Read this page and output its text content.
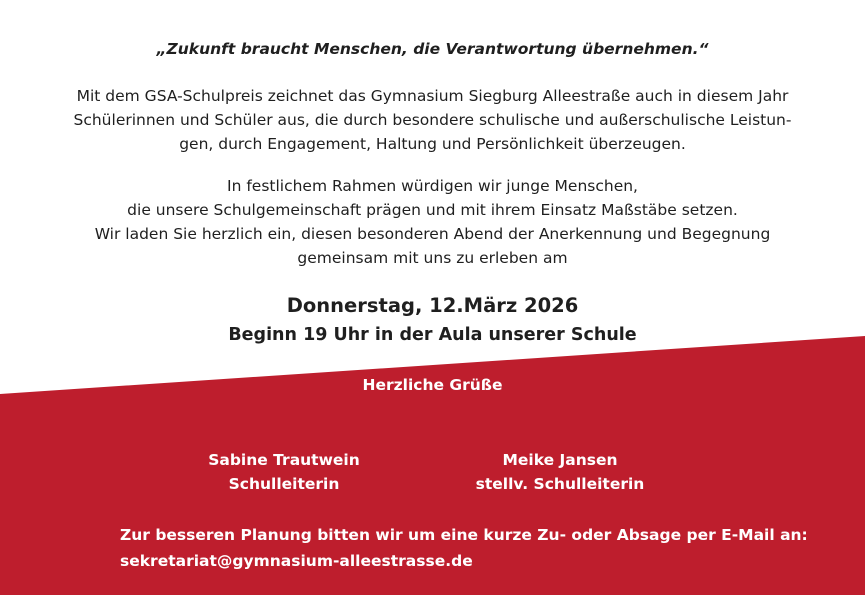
„Zukunft braucht Menschen, die Verantwortung übernehmen.“
Mit dem GSA-Schulpreis zeichnet das Gymnasium Siegburg Alleestraße auch in diesem Jahr
Schülerinnen und Schüler aus, die durch besondere schulische und außerschulische Leistun-
gen, durch Engagement, Haltung und Persönlichkeit überzeugen.
In festlichem Rahmen würdigen wir junge Menschen,
die unsere Schulgemeinschaft prägen und mit ihrem Einsatz Maßstäbe setzen.
Wir laden Sie herzlich ein, diesen besonderen Abend der Anerkennung und Begegnung
gemeinsam mit uns zu erleben am
Donnerstag, 12.März 2026
Beginn 19 Uhr in der Aula unserer Schule
Herzliche Grüße
Sabine Trautwein
Schulleiterin
Meike Jansen
stellv. Schulleiterin
Zur besseren Planung bitten wir um eine kurze Zu- oder Absage per E-Mail an:
sekretariat@gymnasium-alleestrasse.de
